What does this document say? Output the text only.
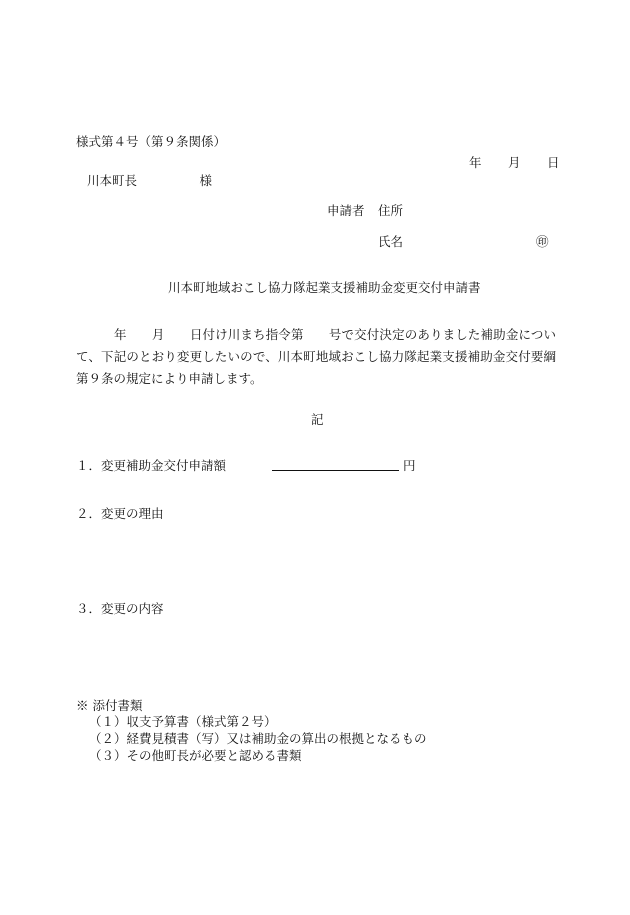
様式第４号（第９条関係）
年 月 日
川本町長　　　　　様
申請者 住所
氏名	㊞
川本町地域おこし協力隊起業支援補助金変更交付申請書
年　　月　　日付け川まち指令第　　号で交付決定のありました補助金について、下記のとおり変更したいので、川本町地域おこし協力隊起業支援補助金交付要綱第９条の規定により申請します。
記
１．変更補助金交付申請額	円
２．変更の理由
３．変更の内容
※ 添付書類
（１）収支予算書（様式第２号）
（２）経費見積書（写）又は補助金の算出の根拠となるもの
（３）その他町長が必要と認める書類
